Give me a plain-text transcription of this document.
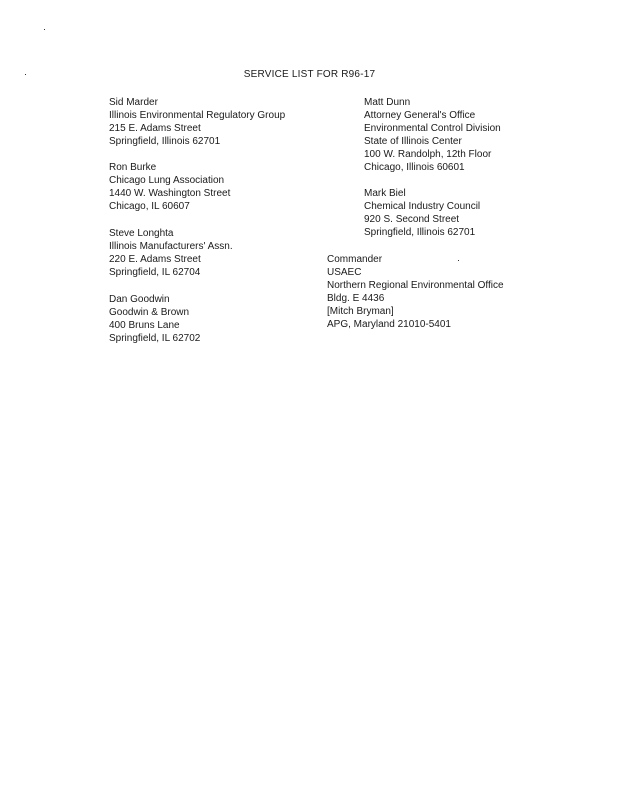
SERVICE LIST FOR R96-17
Sid Marder
Illinois Environmental Regulatory Group
215 E. Adams Street
Springfield, Illinois 62701
Ron Burke
Chicago Lung Association
1440 W. Washington Street
Chicago, IL 60607
Steve Longhta
Illinois Manufacturers' Assn.
220 E. Adams Street
Springfield, IL 62704
Dan Goodwin
Goodwin & Brown
400 Bruns Lane
Springfield, IL 62702
Matt Dunn
Attorney General's Office
Environmental Control Division
State of Illinois Center
100 W. Randolph, 12th Floor
Chicago, Illinois 60601
Mark Biel
Chemical Industry Council
920 S. Second Street
Springfield, Illinois 62701
Commander
USAEC
Northern Regional Environmental Office
Bldg. E 4436
[Mitch Bryman]
APG, Maryland 21010-5401
